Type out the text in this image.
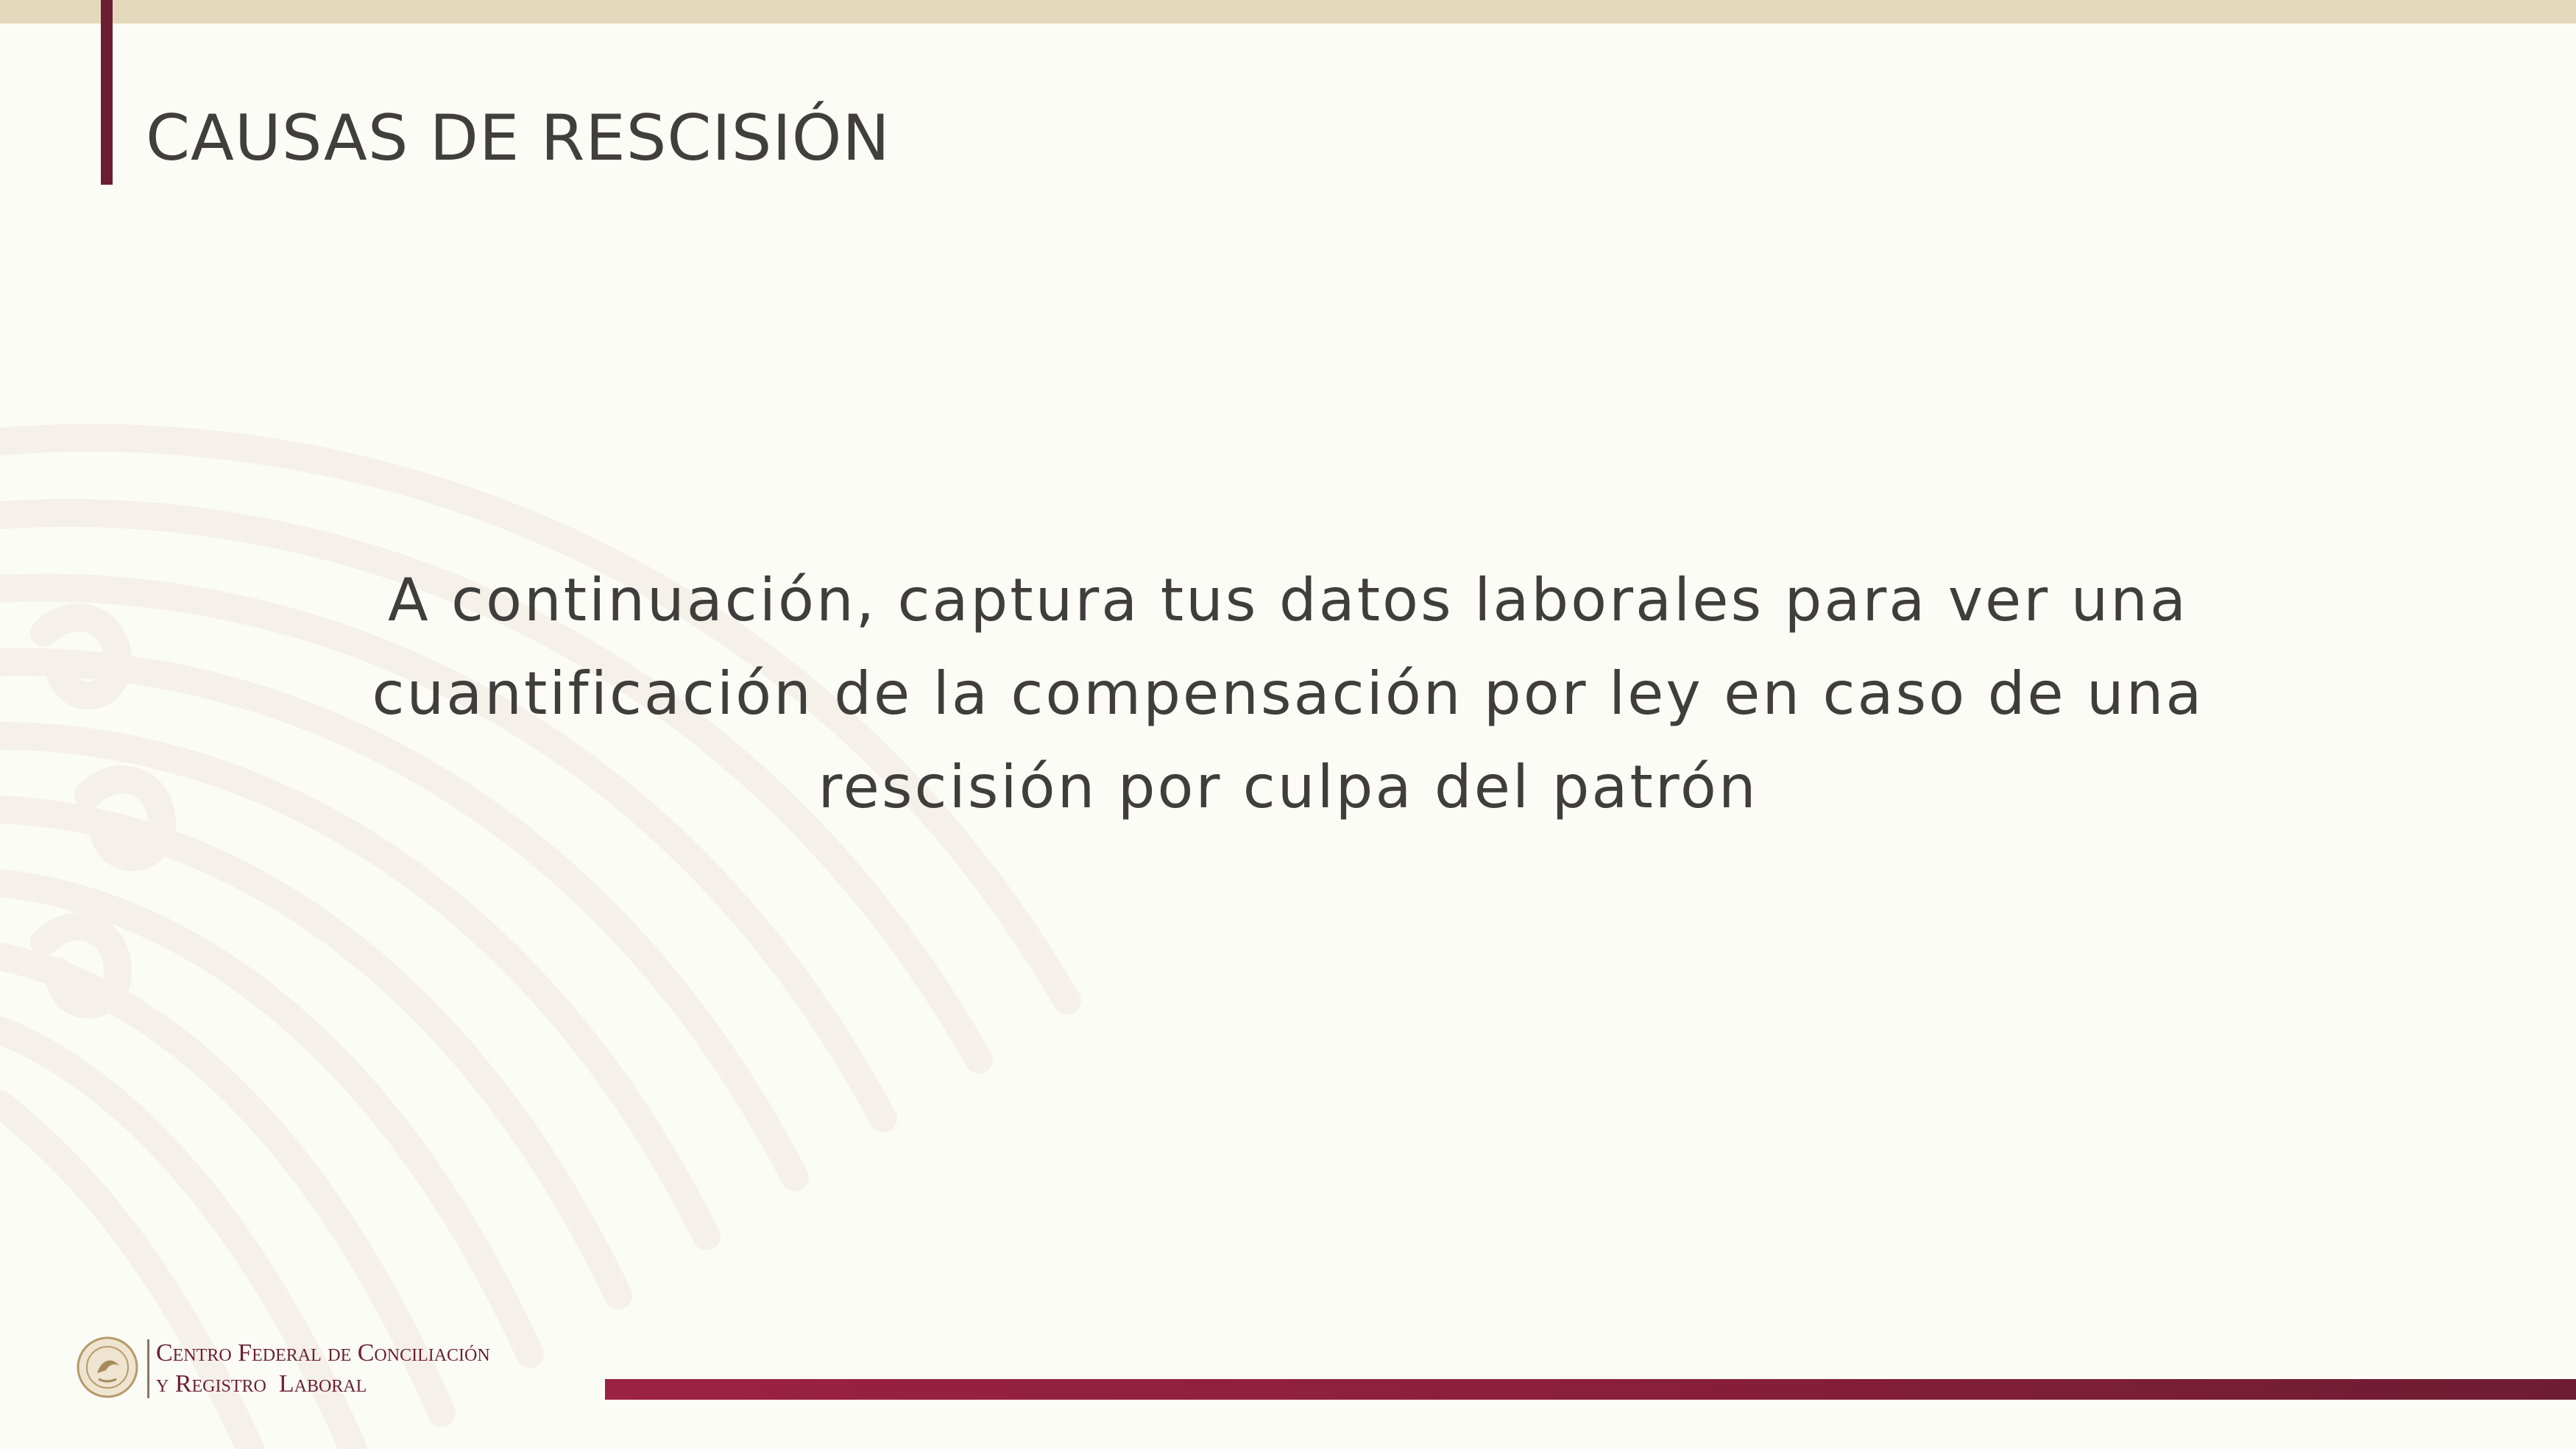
CAUSAS DE RESCISIÓN
A continuación, captura tus datos laborales para ver una
cuantificación de la compensación por ley en caso de una
rescisión por culpa del patrón
Centro Federal de Conciliación
y Registro  Laboral
